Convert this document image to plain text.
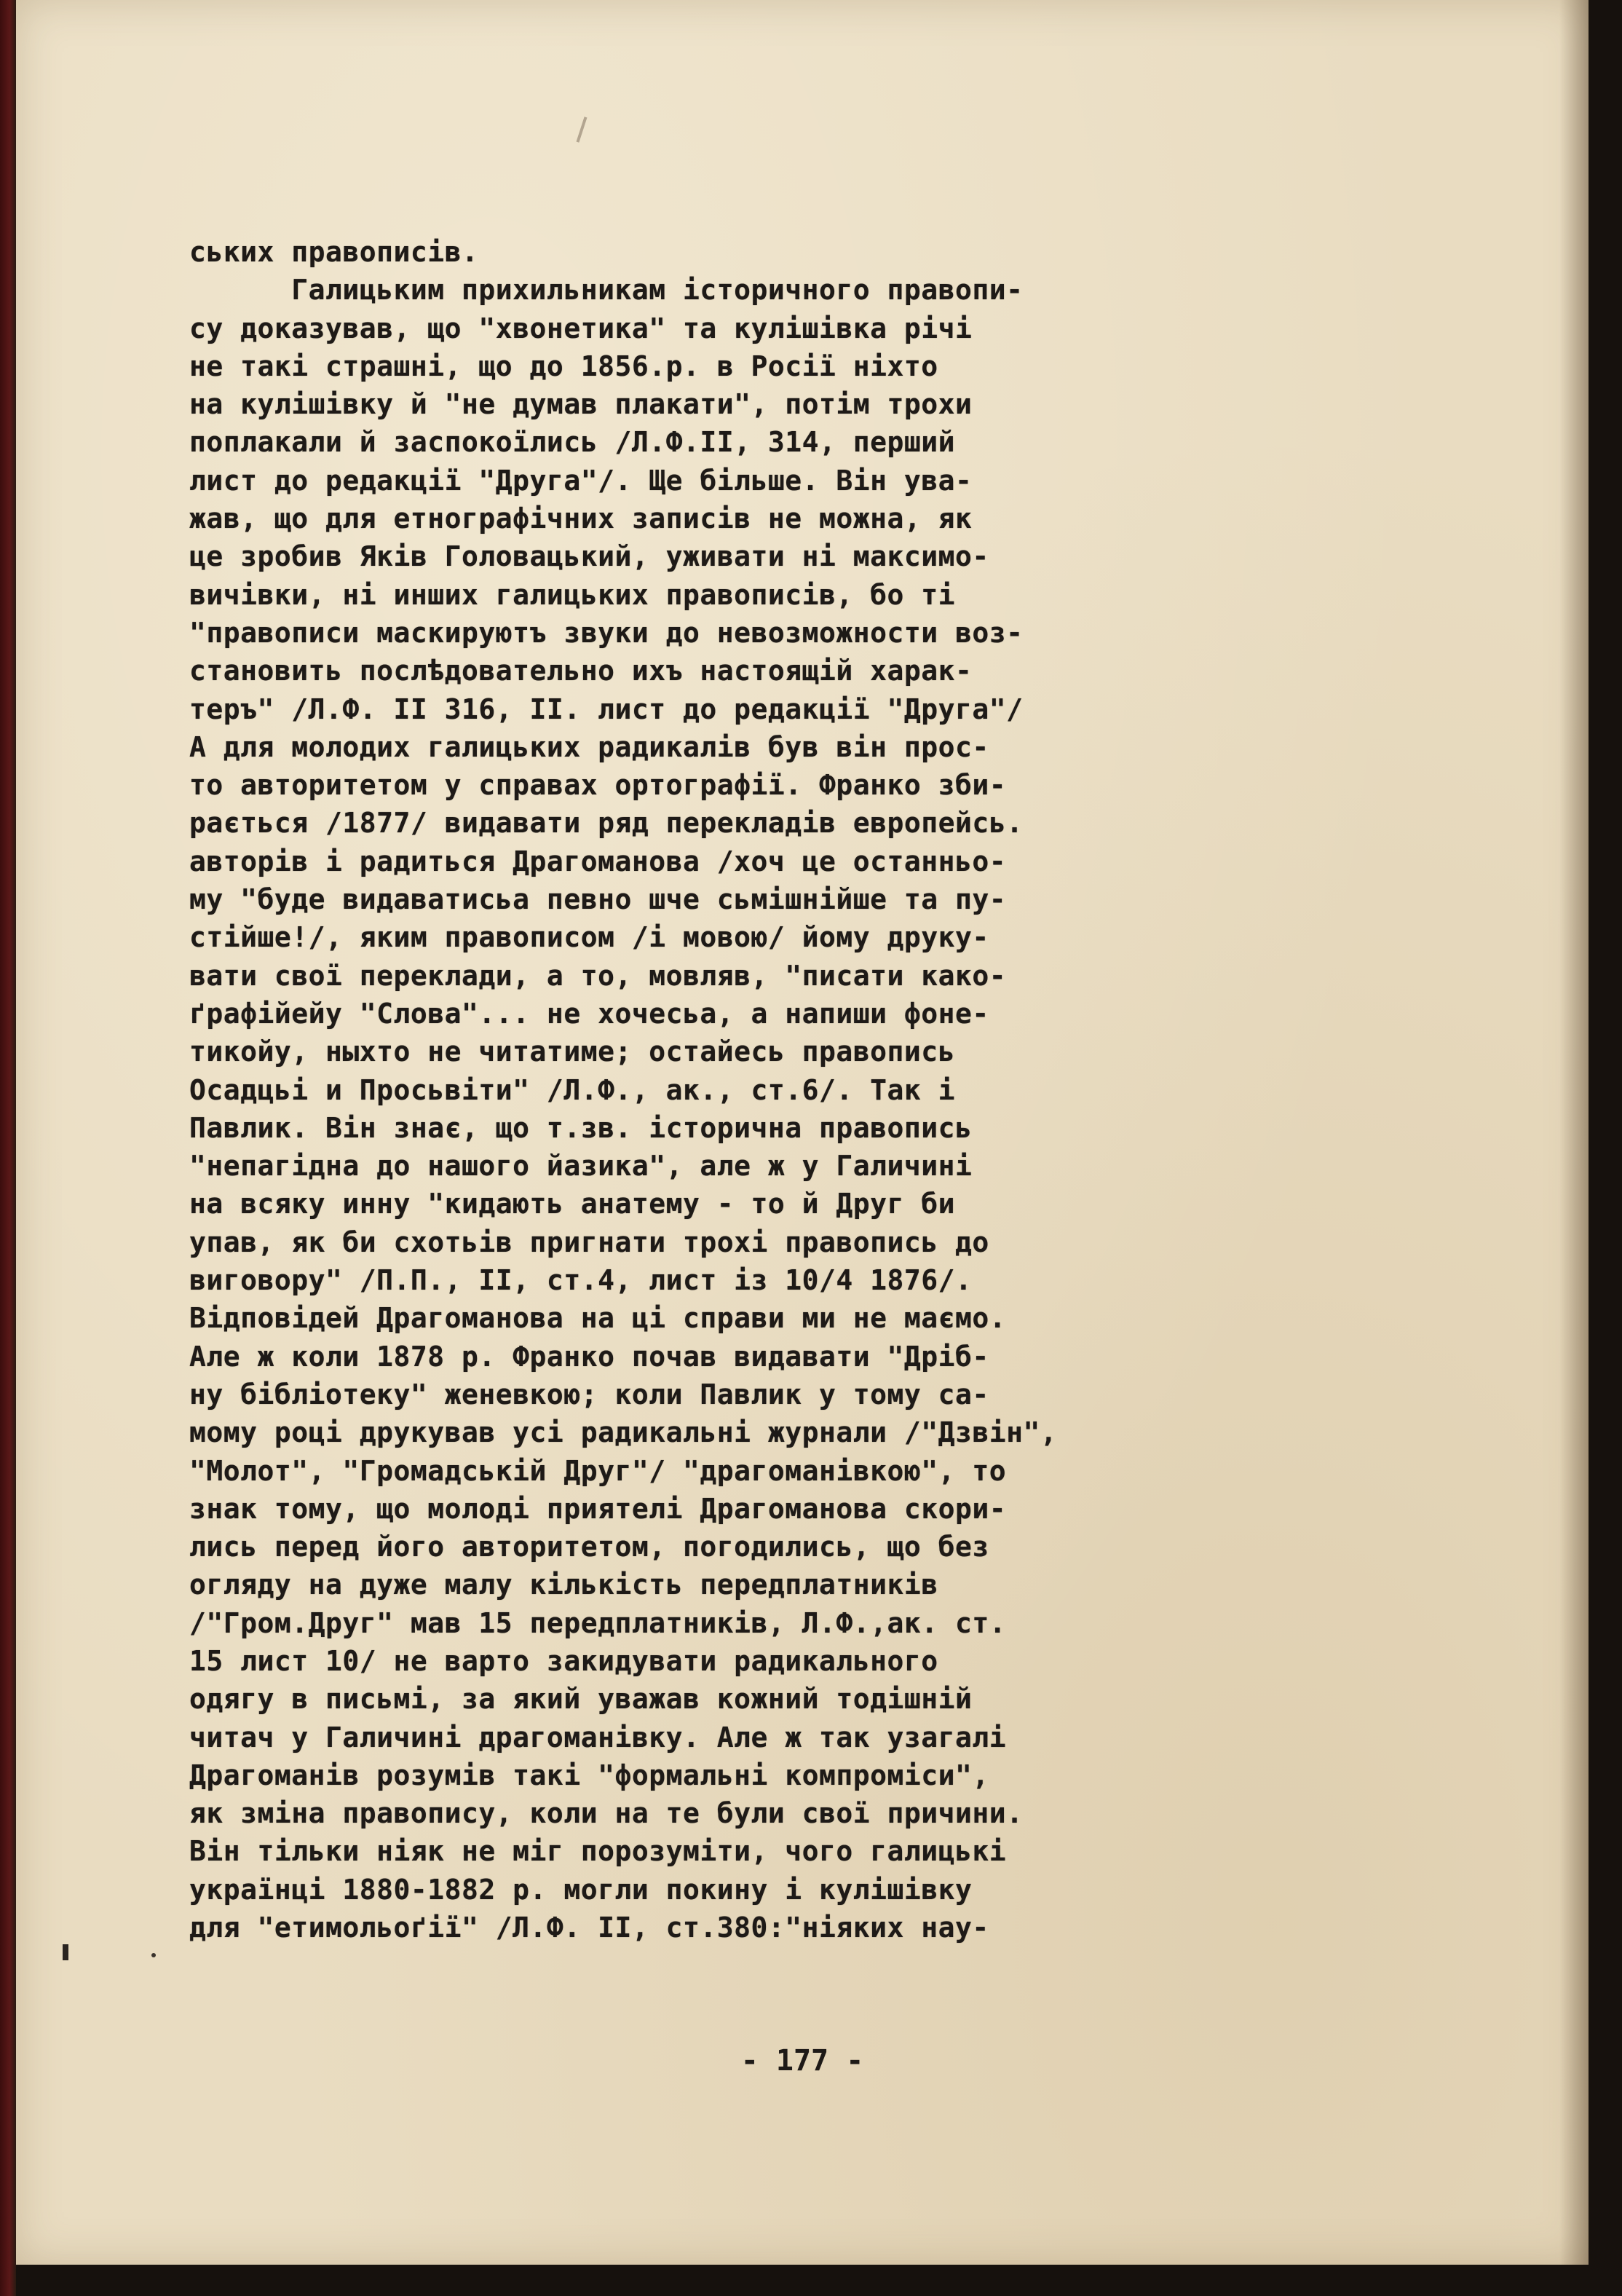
ських правописів.
Галицьким прихильникам історичного правопи-
су доказував, що "хвонетика" та кулішівка річі
не такі страшні, що до 1856.р. в Росії ніхто
на кулішівку й "не думав плакати", потім трохи
поплакали й заспокоїлись /Л.Ф.II, 314, перший
лист до редакції "Друга"/. Ще більше. Він ува-
жав, що для етнографічних записів не можна, як
це зробив Яків Головацький, уживати ні максимо-
вичівки, ні инших галицьких правописів, бо ті
"правописи маскируютъ звуки до невозможности воз-
становить послѣдовательно ихъ настоящій харак-
теръ" /Л.Ф. II 316, II. лист до редакції "Друга"/
А для молодих галицьких радикалів був він прос-
то авторитетом у справах ортографії. Франко зби-
рається /1877/ видавати ряд перекладів европейсь.
авторів і радиться Драгоманова /хоч це останньо-
му "буде видаватисьа певно шче сьмішнійше та пу-
стійше!/, яким правописом /і мовою/ йому друку-
вати свої переклади, а то, мовляв, "писати како-
ґрафійейу "Слова"... не хочесьа, а напиши фоне-
тикойу, ныхто не читатиме; остайесь правопись
Осадцьі и Просьвіти" /Л.Ф., ак., ст.6/. Так і
Павлик. Він знає, що т.зв. історична правопись
"непагідна до нашого йазика", але ж у Галичині
на всяку инну "кидають анатему - то й Друг би
упав, як би схотьів пригнати трохі правопись до
виговору" /П.П., II, ст.4, лист із 10/4 1876/.
Відповідей Драгоманова на ці справи ми не маємо.
Але ж коли 1878 р. Франко почав видавати "Дріб-
ну бібліотеку" женевкою; коли Павлик у тому са-
мому році друкував усі радикальні журнали /"Дзвін",
"Молот", "Громадській Друг"/ "драгоманівкою", то
знак тому, що молоді приятелі Драгоманова скори-
лись перед його авторитетом, погодились, що без
огляду на дуже малу кількість передплатників
/"Гром.Друг" мав 15 передплатників, Л.Ф.,ак. ст.
15 лист 10/ не варто закидувати радикального
одягу в письмі, за який уважав кожний тодішній
читач у Галичині драгоманівку. Але ж так узагалі
Драгоманів розумів такі "формальні компроміси",
як зміна правопису, коли на те були свої причини.
Він тільки ніяк не міг порозуміти, чого галицькі
українці 1880-1882 р. могли покину і кулішівку
для "етимольоґії" /Л.Ф. II, ст.380:"ніяких нау-
- 177 -
